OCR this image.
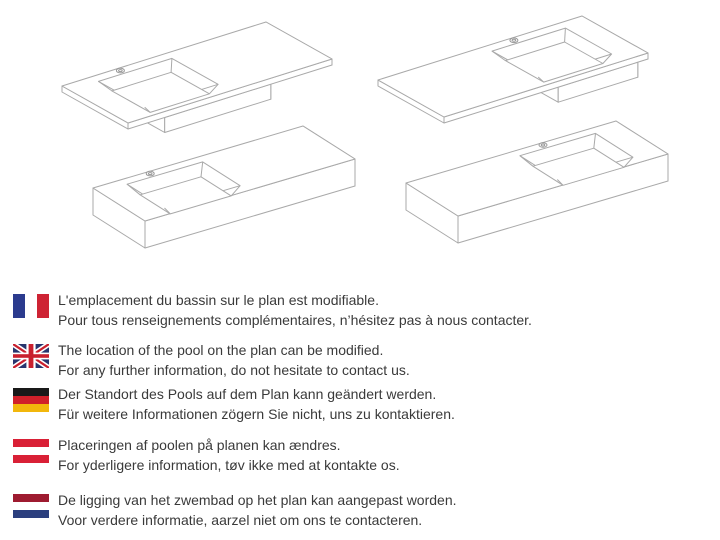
L'emplacement du bassin sur le plan est modifiable.
Pour tous renseignements complémentaires, n’hésitez pas à nous contacter.
The location of the pool on the plan can be modified.
For any further information, do not hesitate to contact us.
Der Standort des Pools auf dem Plan kann geändert werden.
Für weitere Informationen zögern Sie nicht, uns zu kontaktieren.
Placeringen af poolen på planen kan ændres.
For yderligere information, tøv ikke med at kontakte os.
De ligging van het zwembad op het plan kan aangepast worden.
Voor verdere informatie, aarzel niet om ons te contacteren.
